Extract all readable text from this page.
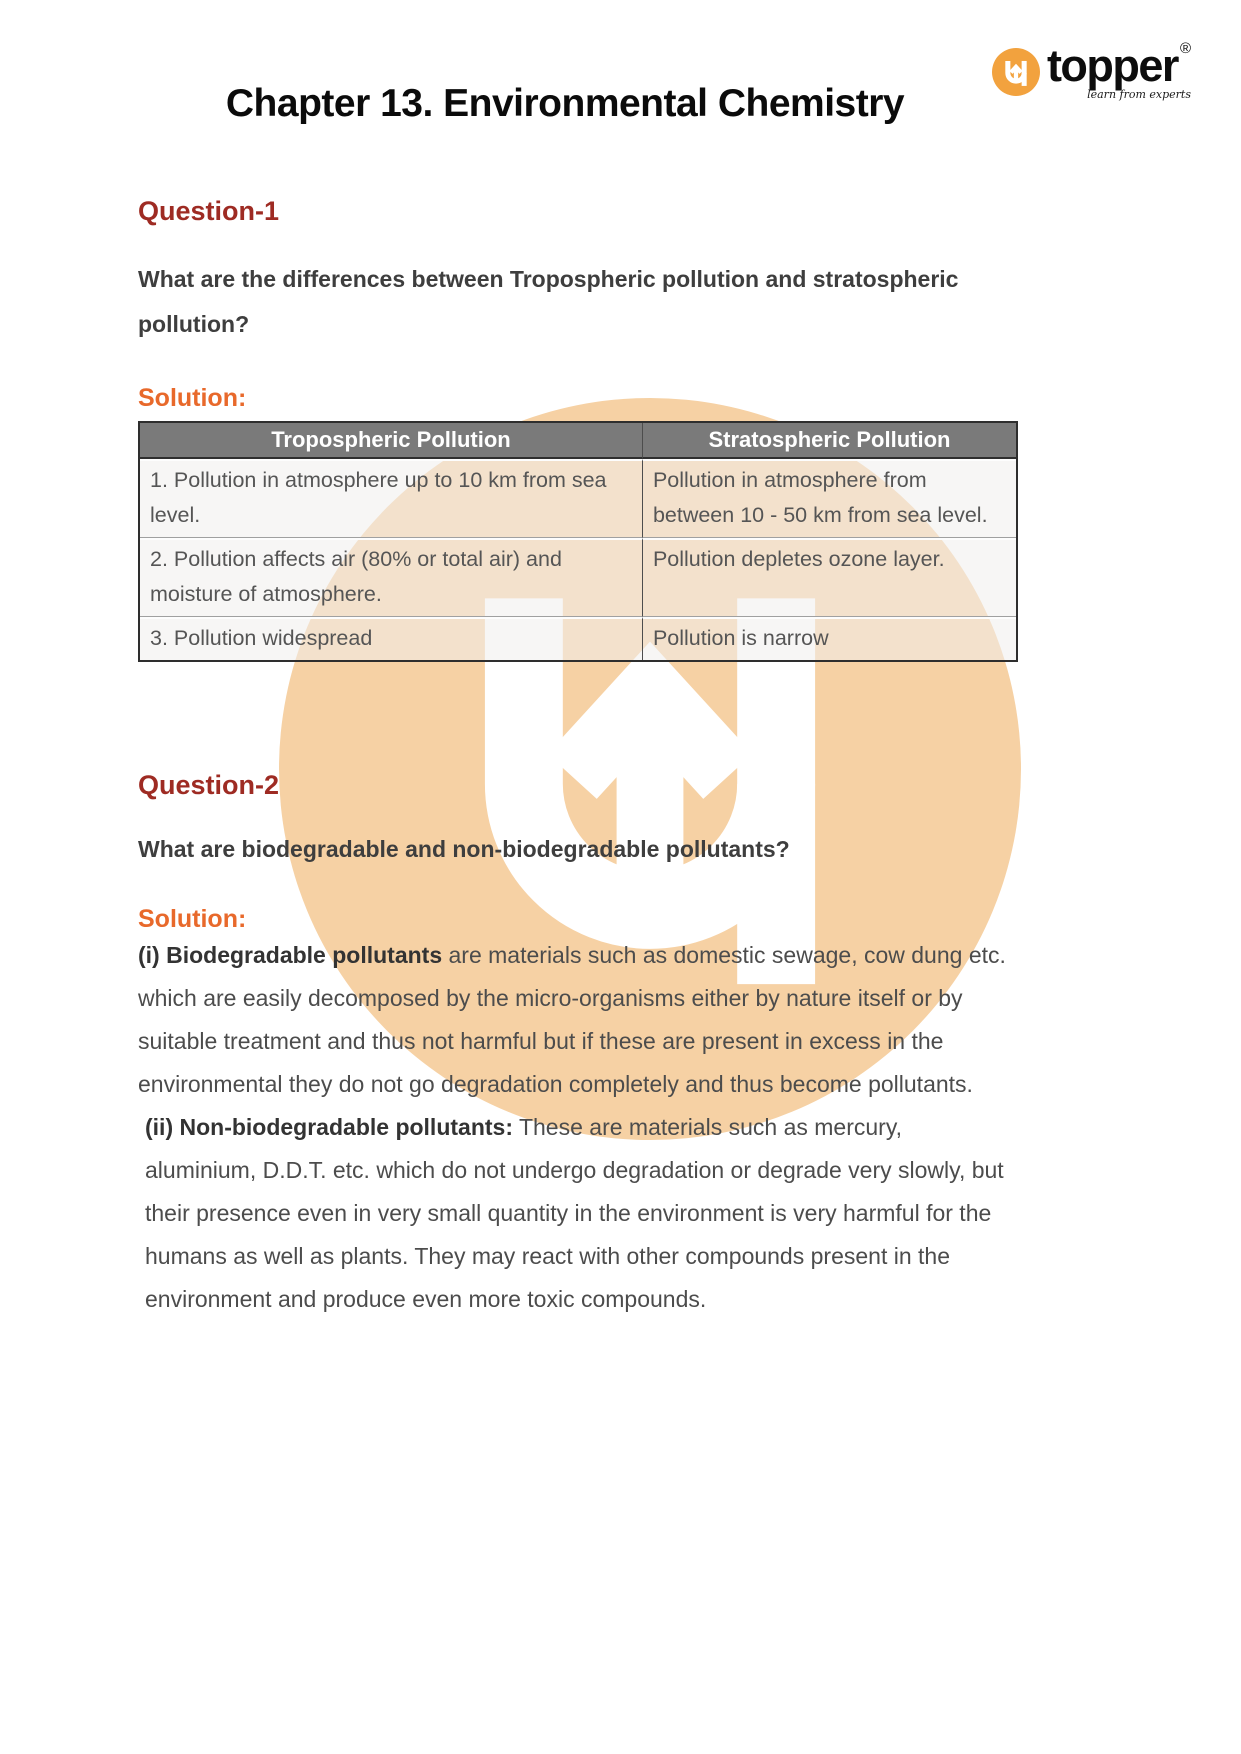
topper ®
learn from experts
Chapter 13. Environmental Chemistry

Question-1

What are the differences between Tropospheric pollution and stratospheric pollution?

Solution:

Tropospheric Pollution	Stratospheric Pollution
1. Pollution in atmosphere up to 10 km from sea level.	Pollution in atmosphere from between 10 - 50 km from sea level.
2. Pollution affects air (80% or total air) and moisture of atmosphere.	Pollution depletes ozone layer.
3. Pollution widespread	Pollution is narrow

Question-2

What are biodegradable and non-biodegradable pollutants?

Solution:

(i) Biodegradable pollutants are materials such as domestic sewage, cow dung etc. which are easily decomposed by the micro-organisms either by nature itself or by suitable treatment and thus not harmful but if these are present in excess in the environmental they do not go degradation completely and thus become pollutants.

(ii) Non-biodegradable pollutants: These are materials such as mercury, aluminium, D.D.T. etc. which do not undergo degradation or degrade very slowly, but their presence even in very small quantity in the environment is very harmful for the humans as well as plants. They may react with other compounds present in the environment and produce even more toxic compounds.
